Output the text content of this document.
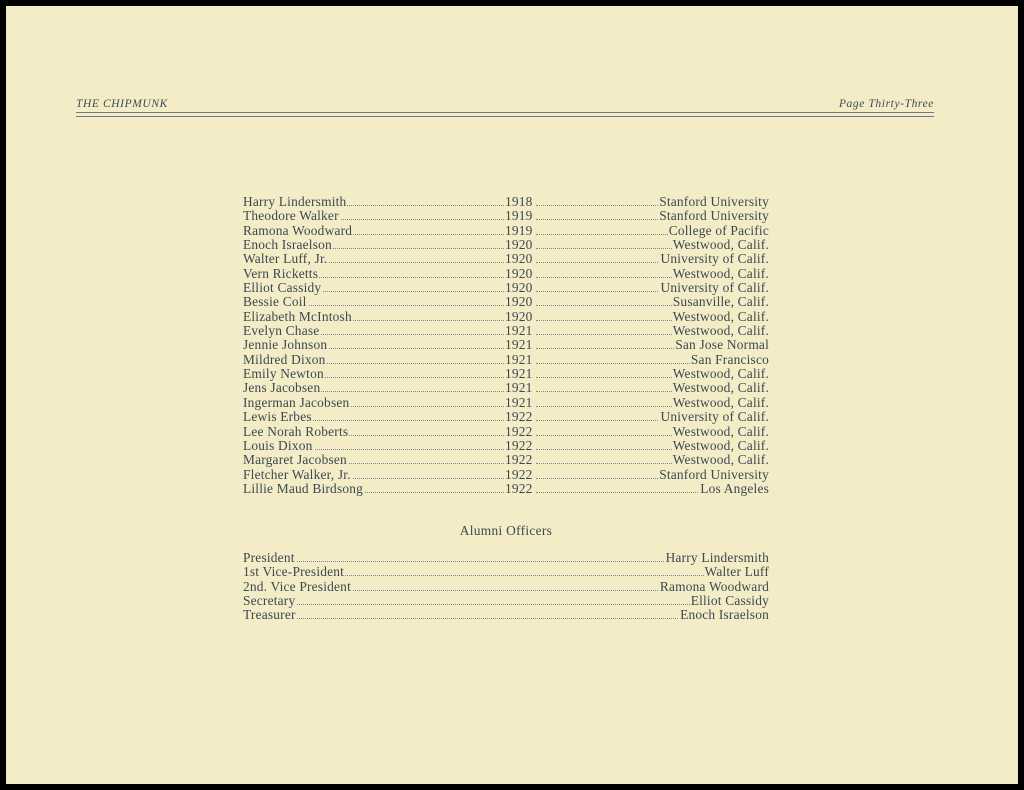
THE CHIPMUNK	Page Thirty-Three
Harry Lindersmith	1918	Stanford University
Theodore Walker	1919	Stanford University
Ramona Woodward	1919	College of Pacific
Enoch Israelson	1920	Westwood, Calif.
Walter Luff, Jr.	1920	University of Calif.
Vern Ricketts	1920	Westwood, Calif.
Elliot Cassidy	1920	University of Calif.
Bessie Coil	1920	Susanville, Calif.
Elizabeth McIntosh	1920	Westwood, Calif.
Evelyn Chase	1921	Westwood, Calif.
Jennie Johnson	1921	San Jose Normal
Mildred Dixon	1921	San Francisco
Emily Newton	1921	Westwood, Calif.
Jens Jacobsen	1921	Westwood, Calif.
Ingerman Jacobsen	1921	Westwood, Calif.
Lewis Erbes	1922	University of Calif.
Lee Norah Roberts	1922	Westwood, Calif.
Louis Dixon	1922	Westwood, Calif.
Margaret Jacobsen	1922	Westwood, Calif.
Fletcher Walker, Jr.	1922	Stanford University
Lillie Maud Birdsong	1922	Los Angeles
Alumni Officers
President	Harry Lindersmith
1st Vice-President	Walter Luff
2nd. Vice President	Ramona Woodward
Secretary	Elliot Cassidy
Treasurer	Enoch Israelson
